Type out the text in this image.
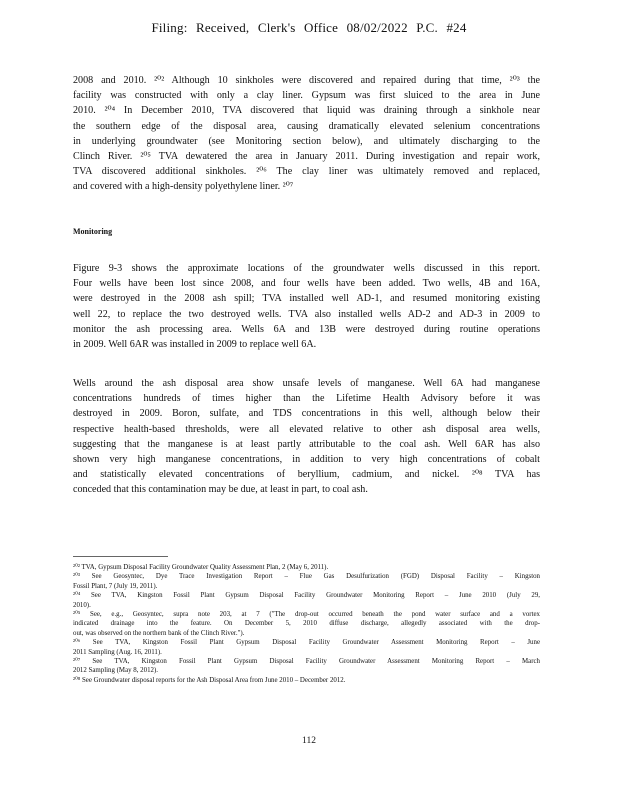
Filing: Received, Clerk's Office 08/02/2022 P.C. #24
2008 and 2010. ²⁰² Although 10 sinkholes were discovered and repaired during that time, ²⁰³ the
facility was constructed with only a clay liner. Gypsum was first sluiced to the area in June
2010. ²⁰⁴ In December 2010, TVA discovered that liquid was draining through a sinkhole near
the southern edge of the disposal area, causing dramatically elevated selenium concentrations
in underlying groundwater (see Monitoring section below), and ultimately discharging to the
Clinch River. ²⁰⁵ TVA dewatered the area in January 2011. During investigation and repair work,
TVA discovered additional sinkholes. ²⁰⁶ The clay liner was ultimately removed and replaced,
and covered with a high-density polyethylene liner. ²⁰⁷
Monitoring
Figure 9-3 shows the approximate locations of the groundwater wells discussed in this report.
Four wells have been lost since 2008, and four wells have been added. Two wells, 4B and 16A,
were destroyed in the 2008 ash spill; TVA installed well AD-1, and resumed monitoring existing
well 22, to replace the two destroyed wells. TVA also installed wells AD-2 and AD-3 in 2009 to
monitor the ash processing area. Wells 6A and 13B were destroyed during routine operations
in 2009. Well 6AR was installed in 2009 to replace well 6A.
Wells around the ash disposal area show unsafe levels of manganese. Well 6A had manganese
concentrations hundreds of times higher than the Lifetime Health Advisory before it was
destroyed in 2009. Boron, sulfate, and TDS concentrations in this well, although below their
respective health-based thresholds, were all elevated relative to other ash disposal area wells,
suggesting that the manganese is at least partly attributable to the coal ash. Well 6AR has also
shown very high manganese concentrations, in addition to very high concentrations of cobalt
and statistically elevated concentrations of beryllium, cadmium, and nickel. ²⁰⁸ TVA has
conceded that this contamination may be due, at least in part, to coal ash.
²⁰² TVA, Gypsum Disposal Facility Groundwater Quality Assessment Plan, 2 (May 6, 2011).
²⁰³ See Geosyntec, Dye Trace Investigation Report – Flue Gas Desulfurization (FGD) Disposal Facility – Kingston
Fossil Plant, 7 (July 19, 2011).
²⁰⁴ See TVA, Kingston Fossil Plant Gypsum Disposal Facility Groundwater Monitoring Report – June 2010 (July 29,
2010).
²⁰⁵ See, e.g., Geosyntec, supra note 203, at 7 ("The drop-out occurred beneath the pond water surface and a vortex
indicated drainage into the feature. On December 5, 2010 diffuse discharge, allegedly associated with the drop-
out, was observed on the northern bank of the Clinch River.").
²⁰⁶ See TVA, Kingston Fossil Plant Gypsum Disposal Facility Groundwater Assessment Monitoring Report – June
2011 Sampling (Aug. 16, 2011).
²⁰⁷ See TVA, Kingston Fossil Plant Gypsum Disposal Facility Groundwater Assessment Monitoring Report – March
2012 Sampling (May 8, 2012).
²⁰⁸ See Groundwater disposal reports for the Ash Disposal Area from June 2010 – December 2012.
112
